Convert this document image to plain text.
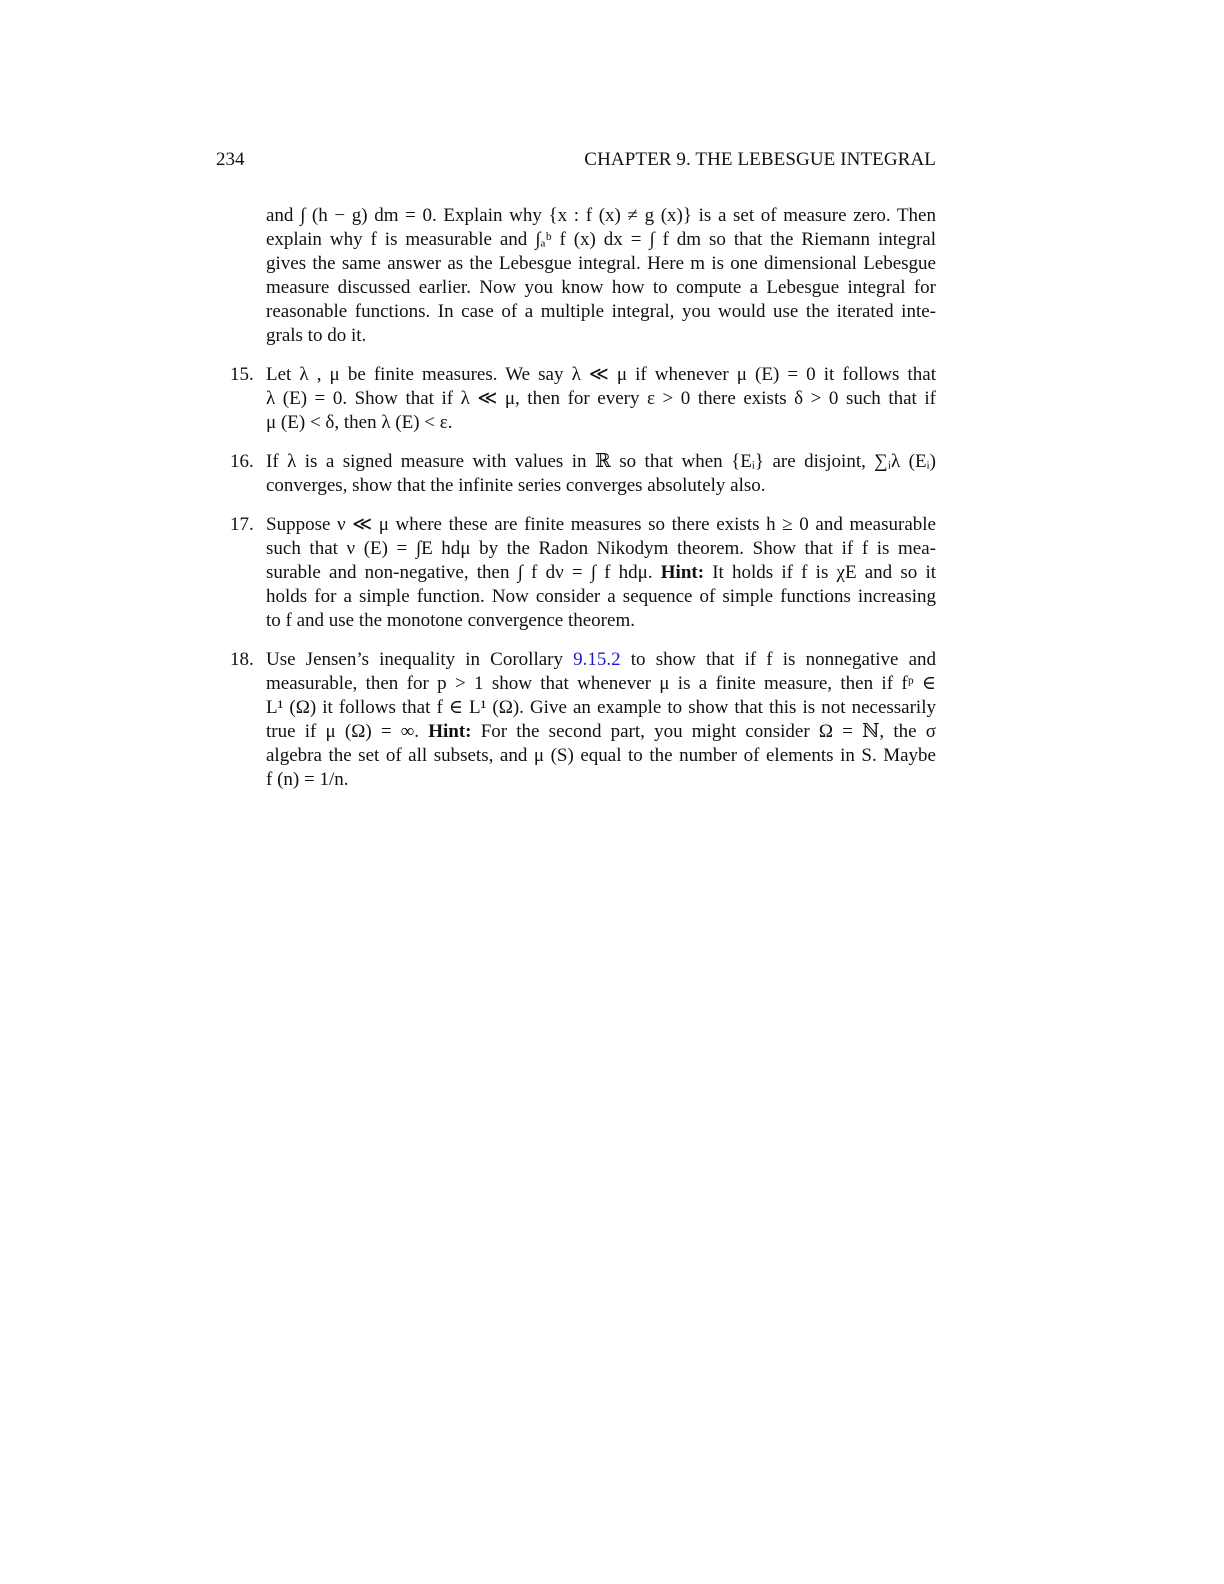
234	CHAPTER 9. THE LEBESGUE INTEGRAL
and ∫ (h − g) dm = 0. Explain why {x : f (x) ≠ g (x)} is a set of measure zero. Then
explain why f is measurable and ∫ₐᵇ f (x) dx = ∫ f dm so that the Riemann integral
gives the same answer as the Lebesgue integral. Here m is one dimensional Lebesgue
measure discussed earlier. Now you know how to compute a Lebesgue integral for
reasonable functions. In case of a multiple integral, you would use the iterated inte-
grals to do it.
15. Let λ , μ be finite measures. We say λ ≪ μ if whenever μ (E) = 0 it follows that
λ (E) = 0. Show that if λ ≪ μ, then for every ε > 0 there exists δ > 0 such that if
μ (E) < δ, then λ (E) < ε.
16. If λ is a signed measure with values in ℝ so that when {Eᵢ} are disjoint, ∑ᵢλ (Eᵢ)
converges, show that the infinite series converges absolutely also.
17. Suppose ν ≪ μ where these are finite measures so there exists h ≥ 0 and measurable
such that ν (E) = ∫E hdμ by the Radon Nikodym theorem. Show that if f is mea-
surable and non-negative, then ∫ f dν = ∫ f hdμ. Hint: It holds if f is χE and so it
holds for a simple function. Now consider a sequence of simple functions increasing
to f and use the monotone convergence theorem.
18. Use Jensen’s inequality in Corollary 9.15.2 to show that if f is nonnegative and
measurable, then for p > 1 show that whenever μ is a finite measure, then if fᵖ ∈
L¹ (Ω) it follows that f ∈ L¹ (Ω). Give an example to show that this is not necessarily
true if μ (Ω) = ∞. Hint: For the second part, you might consider Ω = ℕ, the σ
algebra the set of all subsets, and μ (S) equal to the number of elements in S. Maybe
f (n) = 1/n.
